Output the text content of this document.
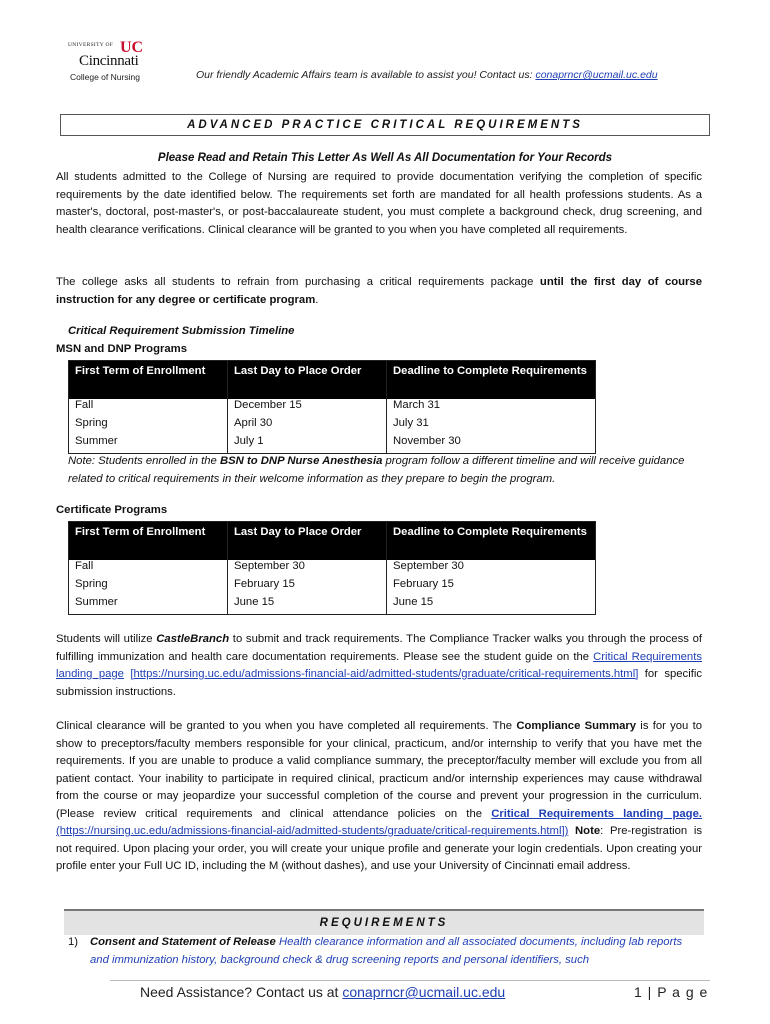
UNIVERSITY OF UC
Cincinnati
College of Nursing	Our friendly Academic Affairs team is available to assist you! Contact us: conaprncr@ucmail.uc.edu
ADVANCED PRACTICE CRITICAL REQUIREMENTS
Please Read and Retain This Letter As Well As All Documentation for Your Records
All students admitted to the College of Nursing are required to provide documentation verifying the completion of specific requirements by the date identified below. The requirements set forth are mandated for all health professions students. As a master's, doctoral, post-master's, or post-baccalaureate student, you must complete a background check, drug screening, and health clearance verifications. Clinical clearance will be granted to you when you have completed all requirements.
The college asks all students to refrain from purchasing a critical requirements package until the first day of course instruction for any degree or certificate program.
Critical Requirement Submission Timeline
MSN and DNP Programs
First Term of Enrollment	Last Day to Place Order	Deadline to Complete Requirements
Fall	December 15	March 31
Spring	April 30	July 31
Summer	July 1	November 30
Note: Students enrolled in the BSN to DNP Nurse Anesthesia program follow a different timeline and will receive guidance related to critical requirements in their welcome information as they prepare to begin the program.
Certificate Programs
First Term of Enrollment	Last Day to Place Order	Deadline to Complete Requirements
Fall	September 30	September 30
Spring	February 15	February 15
Summer	June 15	June 15
Students will utilize CastleBranch to submit and track requirements. The Compliance Tracker walks you through the process of fulfilling immunization and health care documentation requirements. Please see the student guide on the Critical Requirements landing page [https://nursing.uc.edu/admissions-financial-aid/admitted-students/graduate/critical-requirements.html] for specific submission instructions.
Clinical clearance will be granted to you when you have completed all requirements. The Compliance Summary is for you to show to preceptors/faculty members responsible for your clinical, practicum, and/or internship to verify that you have met the requirements. If you are unable to produce a valid compliance summary, the preceptor/faculty member will exclude you from all patient contact. Your inability to participate in required clinical, practicum and/or internship experiences may cause withdrawal from the course or may jeopardize your successful completion of the course and prevent your progression in the curriculum. (Please review critical requirements and clinical attendance policies on the Critical Requirements landing page. (https://nursing.uc.edu/admissions-financial-aid/admitted-students/graduate/critical-requirements.html]) Note: Pre-registration is not required. Upon placing your order, you will create your unique profile and generate your login credentials. Upon creating your profile enter your Full UC ID, including the M (without dashes), and use your University of Cincinnati email address.
REQUIREMENTS
1) Consent and Statement of Release Health clearance information and all associated documents, including lab reports and immunization history, background check & drug screening reports and personal identifiers, such
Need Assistance? Contact us at conaprncr@ucmail.uc.edu	1 | P a g e
